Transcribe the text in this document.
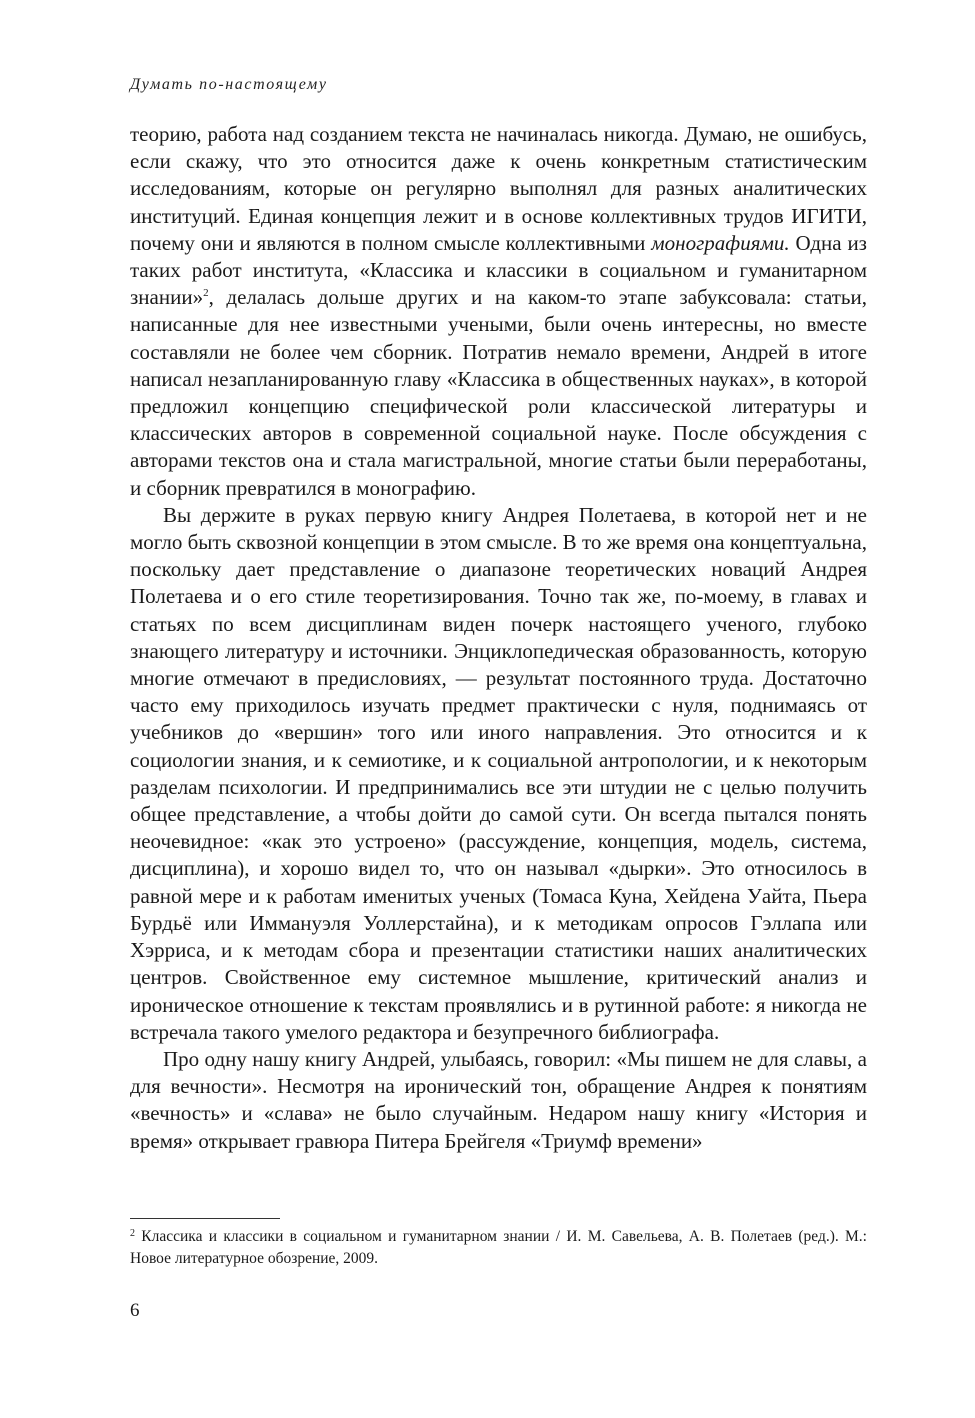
Думать по-настоящему

теорию, работа над созданием текста не начиналась никогда. Думаю, не ошибусь, если скажу, что это относится даже к очень конкретным статистическим исследованиям, которые он регулярно выполнял для разных аналитических институций. Единая концепция лежит и в основе коллективных трудов ИГИТИ, почему они и являются в полном смысле коллективными монографиями. Одна из таких работ института, «Классика и классики в социальном и гуманитарном знании»$^2$, делалась дольше других и на каком-то этапе забуксовала: статьи, написанные для нее известными учеными, были очень интересны, но вместе составляли не более чем сборник. Потратив немало времени, Андрей в итоге написал незапланированную главу «Классика в общественных науках», в которой предложил концепцию специфической роли классической литературы и классических авторов в современной социальной науке. После обсуждения с авторами текстов она и стала магистральной, многие статьи были переработаны, и сборник превратился в монографию.

Вы держите в руках первую книгу Андрея Полетаева, в которой нет и не могло быть сквозной концепции в этом смысле. В то же время она концептуальна, поскольку дает представление о диапазоне теоретических новаций Андрея Полетаева и о его стиле теоретизирования. Точно так же, по-моему, в главах и статьях по всем дисциплинам виден почерк настоящего ученого, глубоко знающего литературу и источники. Энциклопедическая образованность, которую многие отмечают в предисловиях, — результат постоянного труда. Достаточно часто ему приходилось изучать предмет практически с нуля, поднимаясь от учебников до «вершин» того или иного направления. Это относится и к социологии знания, и к семиотике, и к социальной антропологии, и к некоторым разделам психологии. И предпринимались все эти штудии не с целью получить общее представление, а чтобы дойти до самой сути. Он всегда пытался понять неочевидное: «как это устроено» (рассуждение, концепция, модель, система, дисциплина), и хорошо видел то, что он называл «дырки». Это относилось в равной мере и к работам именитых ученых (Томаса Куна, Хейдена Уайта, Пьера Бурдьё или Иммануэля Уоллерстайна), и к методикам опросов Гэллапа или Хэрриса, и к методам сбора и презентации статистики наших аналитических центров. Свойственное ему системное мышление, критический анализ и ироническое отношение к текстам проявлялись и в рутинной работе: я никогда не встречала такого умелого редактора и безупречного библиографа.

Про одну нашу книгу Андрей, улыбаясь, говорил: «Мы пишем не для славы, а для вечности». Несмотря на иронический тон, обращение Андрея к понятиям «вечность» и «слава» не было случайным. Недаром нашу книгу «История и время» открывает гравюра Питера Брейгеля «Триумф времени»

$^2$ Классика и классики в социальном и гуманитарном знании / И. М. Савельева, А. В. Полетаев (ред.). М.: Новое литературное обозрение, 2009.
6
